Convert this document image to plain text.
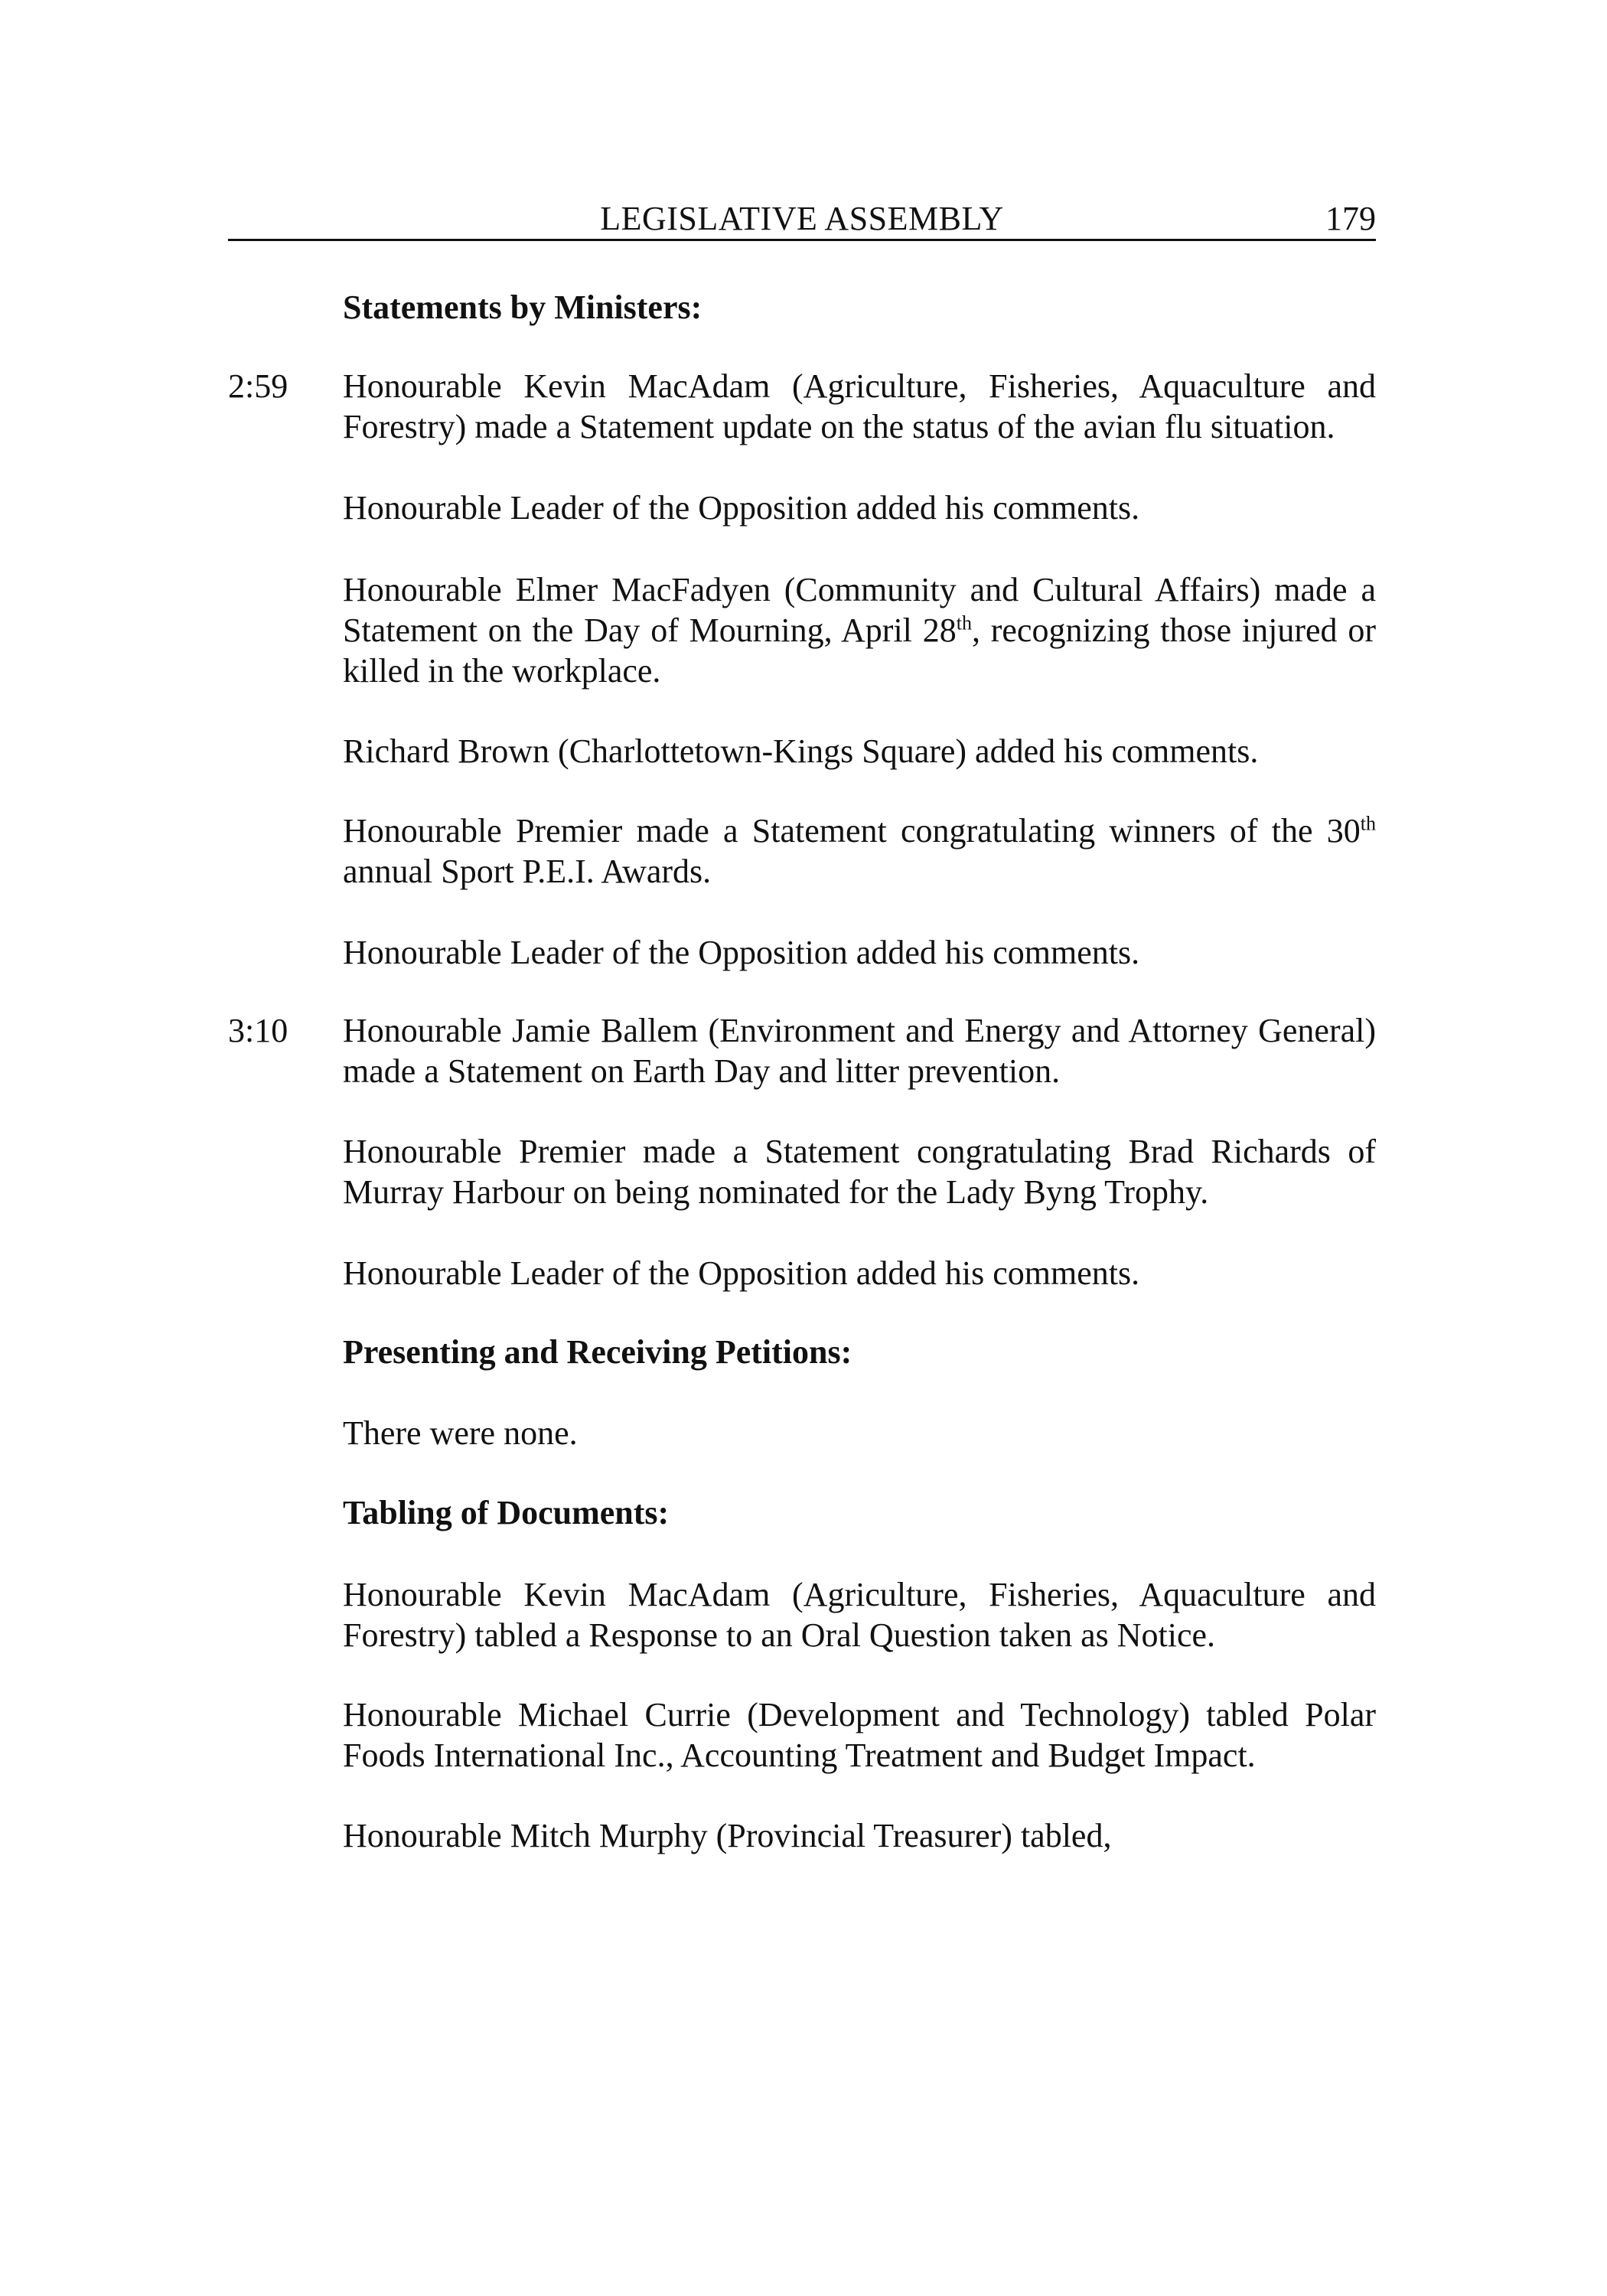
LEGISLATIVE ASSEMBLY	179
Statements by Ministers:
2:59 Honourable Kevin MacAdam (Agriculture, Fisheries, Aquaculture and Forestry) made a Statement update on the status of the avian flu situation.
Honourable Leader of the Opposition added his comments.
Honourable Elmer MacFadyen (Community and Cultural Affairs) made a Statement on the Day of Mourning, April 28th, recognizing those injured or killed in the workplace.
Richard Brown (Charlottetown-Kings Square) added his comments.
Honourable Premier made a Statement congratulating winners of the 30th annual Sport P.E.I. Awards.
Honourable Leader of the Opposition added his comments.
3:10 Honourable Jamie Ballem (Environment and Energy and Attorney General) made a Statement on Earth Day and litter prevention.
Honourable Premier made a Statement congratulating Brad Richards of Murray Harbour on being nominated for the Lady Byng Trophy.
Honourable Leader of the Opposition added his comments.
Presenting and Receiving Petitions:
There were none.
Tabling of Documents:
Honourable Kevin MacAdam (Agriculture, Fisheries, Aquaculture and Forestry) tabled a Response to an Oral Question taken as Notice.
Honourable Michael Currie (Development and Technology) tabled Polar Foods International Inc., Accounting Treatment and Budget Impact.
Honourable Mitch Murphy (Provincial Treasurer) tabled,
